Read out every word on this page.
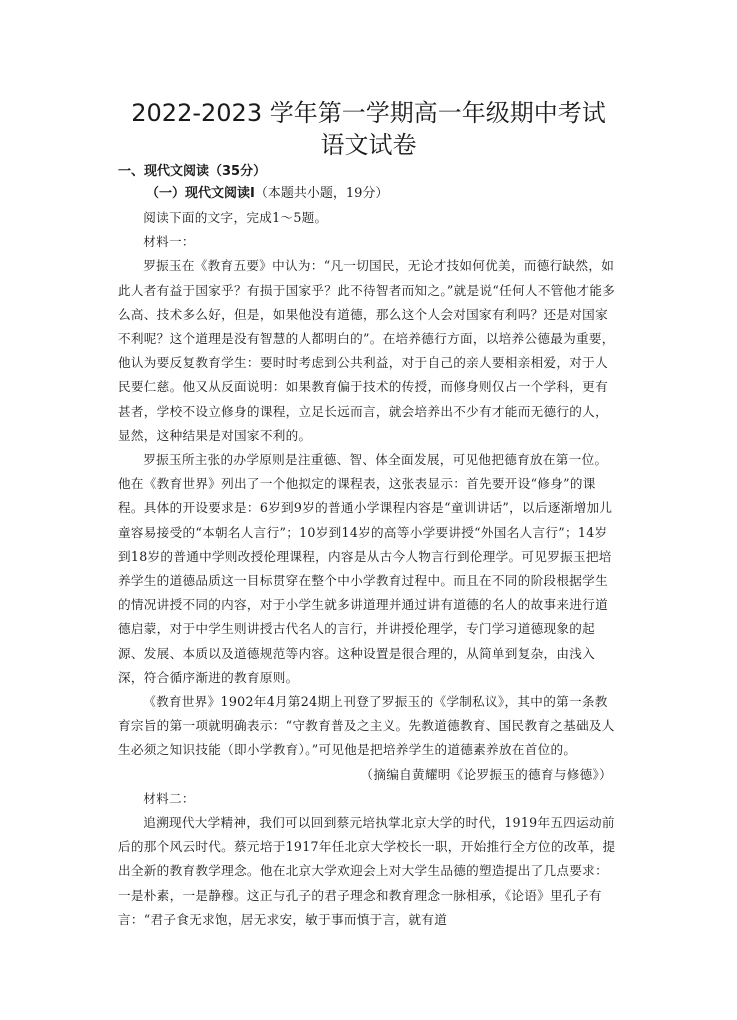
2022-2023 学年第一学期高一年级期中考试
语文试卷
一、现代文阅读（35分）
（一）现代文阅读Ⅰ（本题共小题，19分）

阅读下面的文字，完成1～5题。

材料一：

罗振玉在《教育五要》中认为：“凡一切国民，无论才技如何优美，而德行缺然，如此人者有益于国家乎？有损于国家乎？此不待智者而知之。”就是说“任何人不管他才能多么高、技术多么好，但是，如果他没有道德，那么这个人会对国家有利吗？还是对国家不利呢？这个道理是没有智慧的人都明白的”。在培养德行方面，以培养公德最为重要，他认为要反复教育学生：要时时考虑到公共利益，对于自己的亲人要相亲相爱，对于人民要仁慈。他又从反面说明：如果教育偏于技术的传授，而修身则仅占一个学科，更有甚者，学校不设立修身的课程，立足长远而言，就会培养出不少有才能而无德行的人，显然，这种结果是对国家不利的。

罗振玉所主张的办学原则是注重德、智、体全面发展，可见他把德育放在第一位。他在《教育世界》列出了一个他拟定的课程表，这张表显示：首先要开设“修身”的课程。具体的开设要求是：6岁到9岁的普通小学课程内容是“童训讲话”，以后逐渐增加儿童容易接受的“本朝名人言行”；10岁到14岁的高等小学要讲授“外国名人言行”；14岁到18岁的普通中学则改授伦理课程，内容是从古今人物言行到伦理学。可见罗振玉把培养学生的道德品质这一目标贯穿在整个中小学教育过程中。而且在不同的阶段根据学生的情况讲授不同的内容，对于小学生就多讲道理并通过讲有道德的名人的故事来进行道德启蒙，对于中学生则讲授古代名人的言行，并讲授伦理学，专门学习道德现象的起源、发展、本质以及道德规范等内容。这种设置是很合理的，从简单到复杂，由浅入深，符合循序渐进的教育原则。

《教育世界》1902年4月第24期上刊登了罗振玉的《学制私议》，其中的第一条教育宗旨的第一项就明确表示：“守教育普及之主义。先教道德教育、国民教育之基础及人生必须之知识技能（即小学教育）。”可见他是把培养学生的道德素养放在首位的。

（摘编自黄耀明《论罗振玉的德育与修德》）

材料二：

追溯现代大学精神，我们可以回到蔡元培执掌北京大学的时代，1919年五四运动前后的那个风云时代。蔡元培于1917年任北京大学校长一职，开始推行全方位的改革，提出全新的教育教学理念。他在北京大学欢迎会上对大学生品德的塑造提出了几点要求：一是朴素，一是静穆。这正与孔子的君子理念和教育理念一脉相承，《论语》里孔子有言：“君子食无求饱，居无求安，敏于事而慎于言，就有道
